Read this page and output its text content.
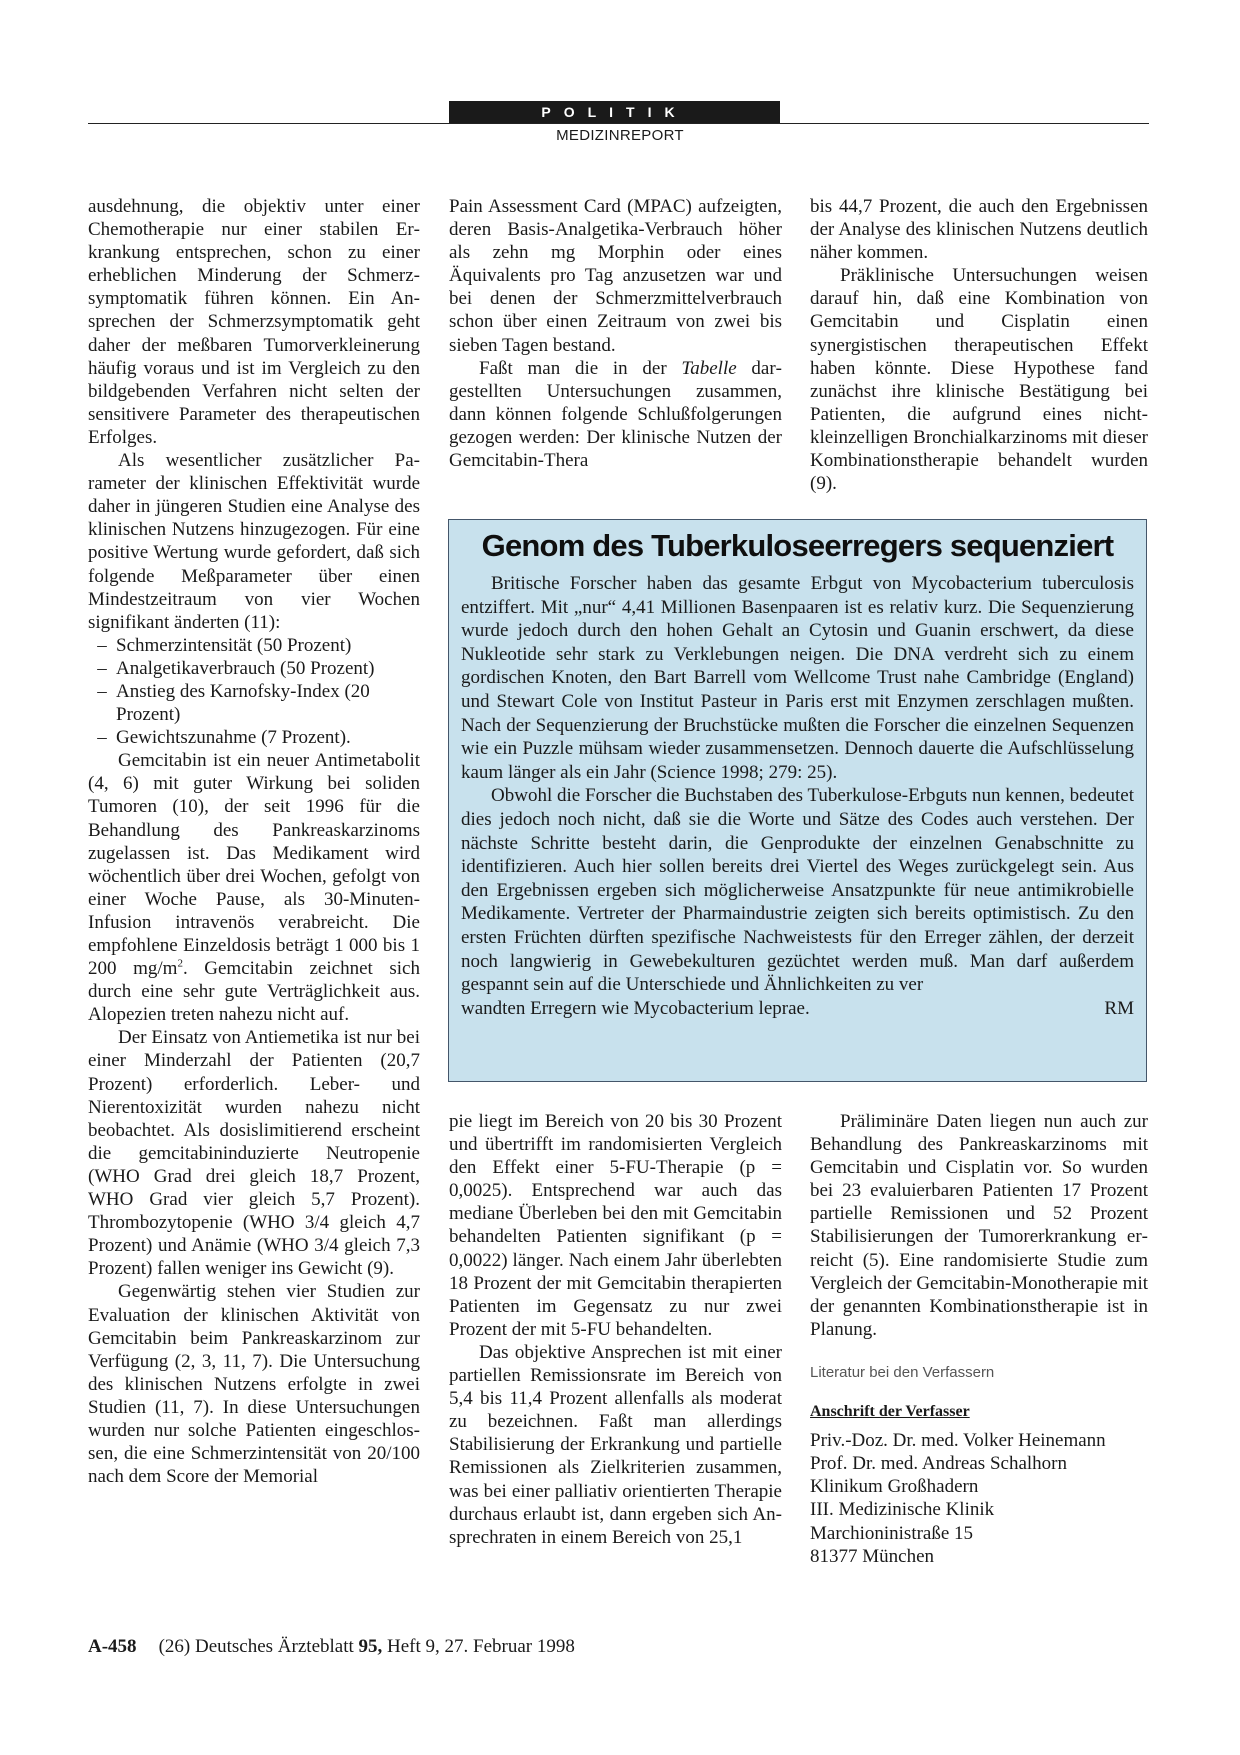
POLITIK
MEDIZINREPORT

ausdehnung, die objektiv unter einer Chemotherapie nur einer stabilen Erkrankung entsprechen, schon zu einer erheblichen Minderung der Schmerzsymptomatik führen können. Ein Ansprechen der Schmerzsymptomatik geht daher der meßbaren Tumorverkleinerung häufig voraus und ist im Vergleich zu den bildgebenden Verfahren nicht selten der sensitivere Parameter des therapeutischen Erfolges.

Als wesentlicher zusätzlicher Parameter der klinischen Effektivität wurde daher in jüngeren Studien eine Analyse des klinischen Nutzens hinzugezogen. Für eine positive Wertung wurde gefordert, daß sich folgende Meßparameter über einen Mindestzeitraum von vier Wochen signifikant änderten (11):

– Schmerzintensität (50 Prozent)
– Analgetikaverbrauch (50 Prozent)
– Anstieg des Karnofsky-Index (20 Prozent)
– Gewichtszunahme (7 Prozent).

Gemcitabin ist ein neuer Antimetabolit (4, 6) mit guter Wirkung bei soliden Tumoren (10), der seit 1996 für die Behandlung des Pankreaskarzinoms zugelassen ist. Das Medikament wird wöchentlich über drei Wochen, gefolgt von einer Woche Pause, als 30-Minuten-Infusion intravenös verabreicht. Die empfohlene Einzeldosis beträgt 1 000 bis 1 200 $mg/m^2$. Gemcitabin zeichnet sich durch eine sehr gute Verträglichkeit aus. Alopezien treten nahezu nicht auf.

Der Einsatz von Antiemetika ist nur bei einer Minderzahl der Patienten (20,7 Prozent) erforderlich. Leber- und Nierentoxizität wurden nahezu nicht beobachtet. Als dosislimitierend erscheint die gemcitabininduzierte Neutropenie (WHO Grad drei gleich 18,7 Prozent, WHO Grad vier gleich 5,7 Prozent). Thrombozytopenie (WHO 3/4 gleich 4,7 Prozent) und Anämie (WHO 3/4 gleich 7,3 Prozent) fallen weniger ins Gewicht (9).

Gegenwärtig stehen vier Studien zur Evaluation der klinischen Aktivität von Gemcitabin beim Pankreaskarzinom zur Verfügung (2, 3, 11, 7). Die Untersuchung des klinischen Nutzens erfolgte in zwei Studien (11, 7). In diese Untersuchungen wurden nur solche Patienten eingeschlossen, die eine Schmerzintensität von 20/100 nach dem Score der Memorial

Pain Assessment Card (MPAC) aufzeigten, deren Basis-Analgetika-Verbrauch höher als zehn mg Morphin oder eines Äquivalents pro Tag anzusetzen war und bei denen der Schmerzmittelverbrauch schon über einen Zeitraum von zwei bis sieben Tagen bestand.

Faßt man die in der Tabelle dargestellten Untersuchungen zusammen, dann können folgende Schlußfolgerungen gezogen werden: Der klinische Nutzen der Gemcitabin-Thera

bis 44,7 Prozent, die auch den Ergebnissen der Analyse des klinischen Nutzens deutlich näher kommen.

Präklinische Untersuchungen weisen darauf hin, daß eine Kombination von Gemcitabin und Cisplatin einen synergistischen therapeutischen Effekt haben könnte. Diese Hypothese fand zunächst ihre klinische Bestätigung bei Patienten, die aufgrund eines nicht-kleinzelligen Bronchialkarzinoms mit dieser Kombinationstherapie behandelt wurden (9).

Genom des Tuberkuloseerregers sequenziert

Britische Forscher haben das gesamte Erbgut von Mycobacterium tuberculosis entziffert. Mit „nur“ 4,41 Millionen Basenpaaren ist es relativ kurz. Die Sequenzierung wurde jedoch durch den hohen Gehalt an Cytosin und Guanin erschwert, da diese Nukleotide sehr stark zu Verklebungen neigen. Die DNA verdreht sich zu einem gordischen Knoten, den Bart Barrell vom Wellcome Trust nahe Cambridge (England) und Stewart Cole von Institut Pasteur in Paris erst mit Enzymen zerschlagen mußten. Nach der Sequenzierung der Bruchstücke mußten die Forscher die einzelnen Sequenzen wie ein Puzzle mühsam wieder zusammensetzen. Dennoch dauerte die Aufschlüsselung kaum länger als ein Jahr (Science 1998; 279: 25).

Obwohl die Forscher die Buchstaben des Tuberkulose-Erbguts nun kennen, bedeutet dies jedoch noch nicht, daß sie die Worte und Sätze des Codes auch verstehen. Der nächste Schritte besteht darin, die Genprodukte der einzelnen Genabschnitte zu identifizieren. Auch hier sollen bereits drei Viertel des Weges zurückgelegt sein. Aus den Ergebnissen ergeben sich möglicherweise Ansatzpunkte für neue antimikrobielle Medikamente. Vertreter der Pharmaindustrie zeigten sich bereits optimistisch. Zu den ersten Früchten dürften spezifische Nachweistests für den Erreger zählen, der derzeit noch langwierig in Gewebekulturen gezüchtet werden muß. Man darf außerdem gespannt sein auf die Unterschiede und Ähnlichkeiten zu ver

wandten Erregern wie Mycobacterium leprae.	RM

pie liegt im Bereich von 20 bis 30 Prozent und übertrifft im randomisierten Vergleich den Effekt einer 5-FU-Therapie (p = 0,0025). Entsprechend war auch das mediane Überleben bei den mit Gemcitabin behandelten Patienten signifikant (p = 0,0022) länger. Nach einem Jahr überlebten 18 Prozent der mit Gemcitabin therapierten Patienten im Gegensatz zu nur zwei Prozent der mit 5-FU behandelten.

Das objektive Ansprechen ist mit einer partiellen Remissionsrate im Bereich von 5,4 bis 11,4 Prozent allenfalls als moderat zu bezeichnen. Faßt man allerdings Stabilisierung der Erkrankung und partielle Remissionen als Zielkriterien zusammen, was bei einer palliativ orientierten Therapie durchaus erlaubt ist, dann ergeben sich Ansprechraten in einem Bereich von 25,1

Präliminäre Daten liegen nun auch zur Behandlung des Pankreaskarzinoms mit Gemcitabin und Cisplatin vor. So wurden bei 23 evaluierbaren Patienten 17 Prozent partielle Remissionen und 52 Prozent Stabilisierungen der Tumorerkrankung erreicht (5). Eine randomisierte Studie zum Vergleich der Gemcitabin-Monotherapie mit der genannten Kombinationstherapie ist in Planung.

Literatur bei den Verfassern
Anschrift der Verfasser

Priv.-Doz. Dr. med. Volker Heinemann

Prof. Dr. med. Andreas Schalhorn

Klinikum Großhadern

III. Medizinische Klinik

Marchioninistraße 15

81377 München

A-458 (26) Deutsches Ärzteblatt 95, Heft 9, 27. Februar 1998
